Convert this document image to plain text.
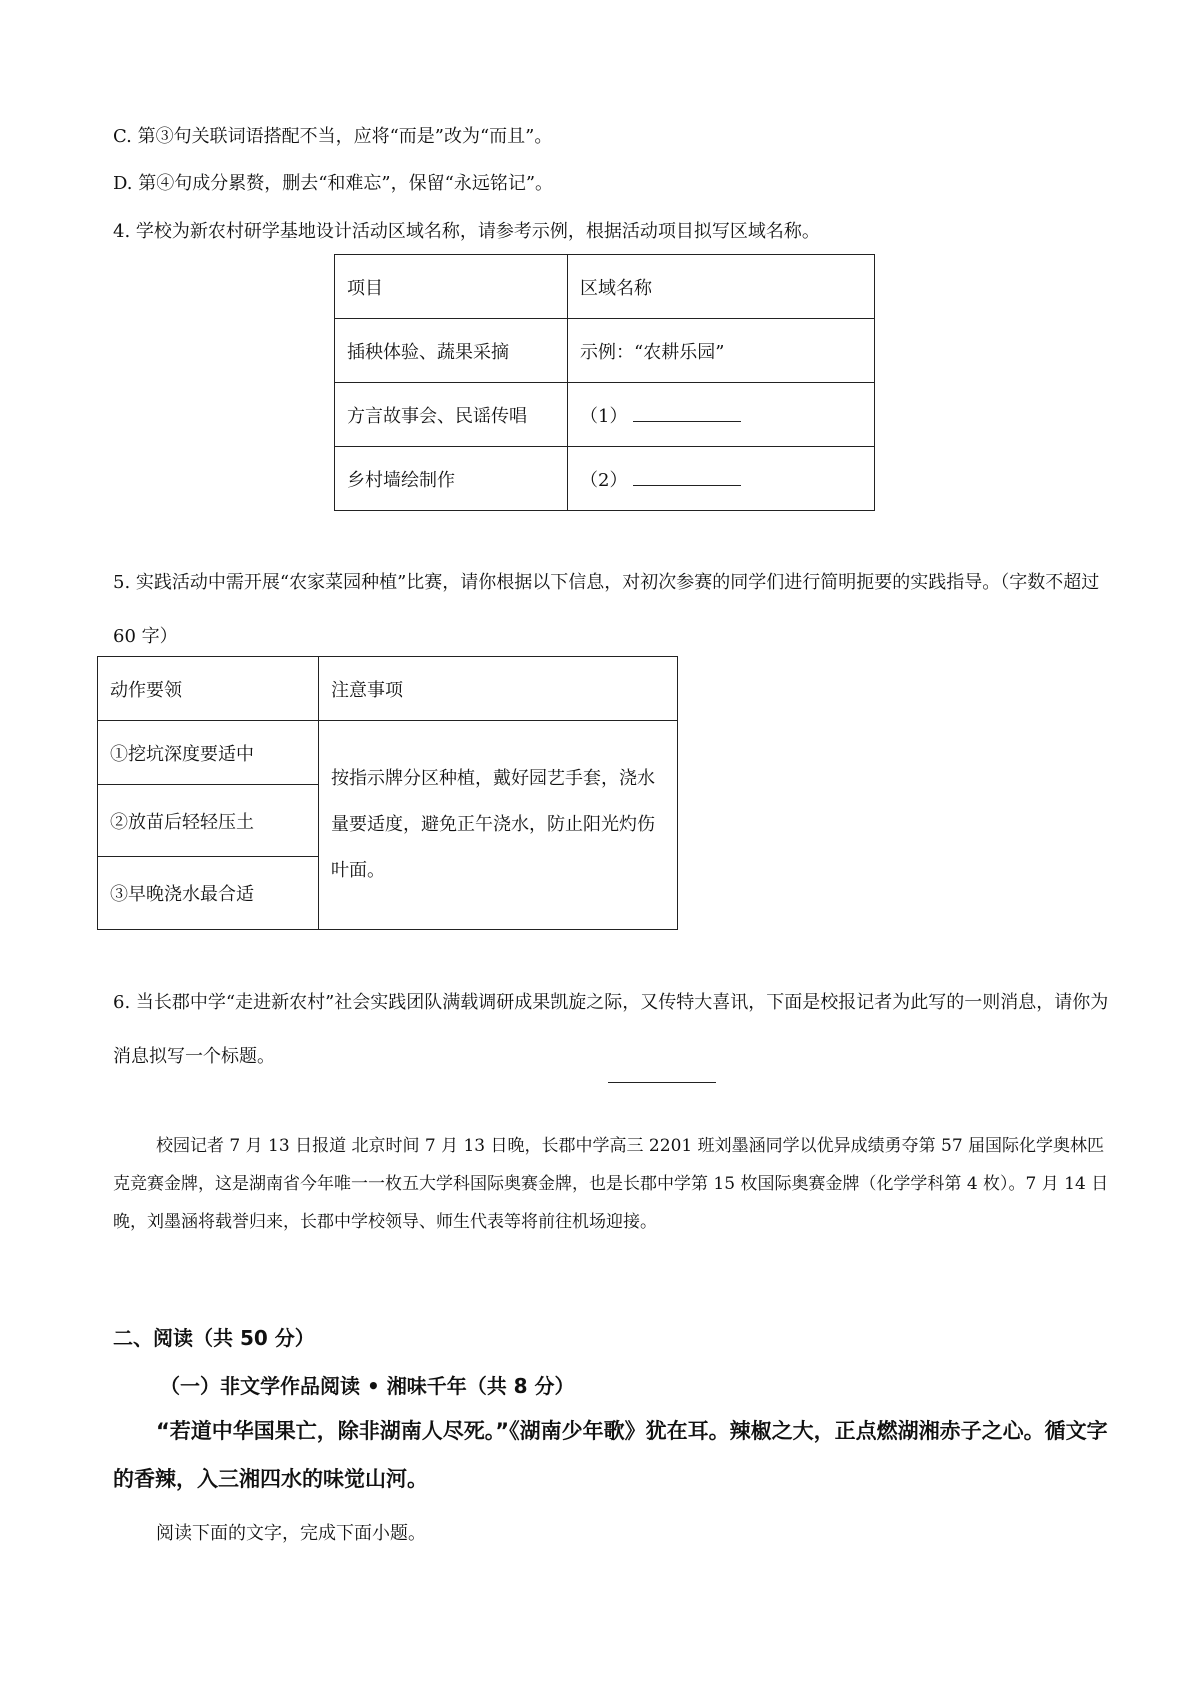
C. 第③句关联词语搭配不当，应将“而是”改为“而且”。
D. 第④句成分累赘，删去“和难忘”，保留“永远铭记”。
4. 学校为新农村研学基地设计活动区域名称，请参考示例，根据活动项目拟写区域名称。
项目	区域名称
插秧体验、蔬果采摘	示例：“农耕乐园”
方言故事会、民谣传唱	（1）
乡村墙绘制作	（2）
5. 实践活动中需开展“农家菜园种植”比赛，请你根据以下信息，对初次参赛的同学们进行简明扼要的实践指导。（字数不超过 60 字）
动作要领	注意事项
①挖坑深度要适中	按指示牌分区种植，戴好园艺手套，浇水量要适度，避免正午浇水，防止阳光灼伤叶面。
②放苗后轻轻压土	
③早晚浇水最合适	
6. 当长郡中学“走进新农村”社会实践团队满载调研成果凯旋之际，又传特大喜讯，下面是校报记者为此写的一则消息，请你为消息拟写一个标题。
校园记者 7 月 13 日报道 北京时间 7 月 13 日晚，长郡中学高三 2201 班刘墨涵同学以优异成绩勇夺第 57 届国际化学奥林匹克竞赛金牌，这是湖南省今年唯一一枚五大学科国际奥赛金牌，也是长郡中学第 15 枚国际奥赛金牌（化学学科第 4 枚）。7 月 14 日晚，刘墨涵将载誉归来，长郡中学校领导、师生代表等将前往机场迎接。
二、阅读（共 50 分）
（一）非文学作品阅读 • 湘味千年（共 8 分）
“若道中华国果亡，除非湖南人尽死。”《湖南少年歌》犹在耳。辣椒之大，正点燃湖湘赤子之心。循文字的香辣，入三湘四水的味觉山河。
阅读下面的文字，完成下面小题。
